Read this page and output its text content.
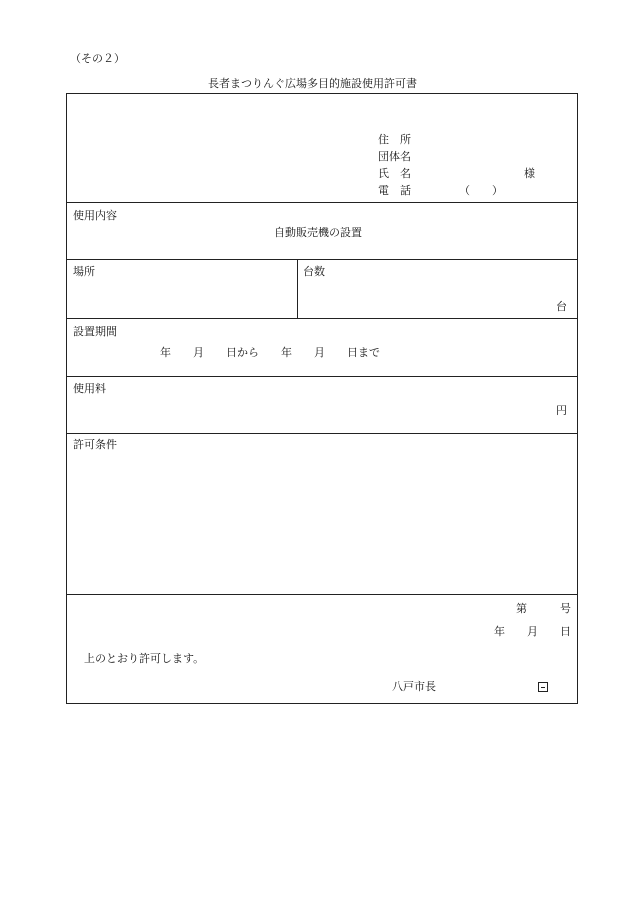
（その２）
長者まつりんぐ広場多目的施設使用許可書
住　所
団体名
氏　名	様
電　話	（　　）
使用内容
自動販売機の設置
場所	台数
台
設置期間
年　　月　　日から　　年　　月　　日まで
使用料
円
許可条件
第　　　号
年　　月　　日
上のとおり許可します。
八戸市長
